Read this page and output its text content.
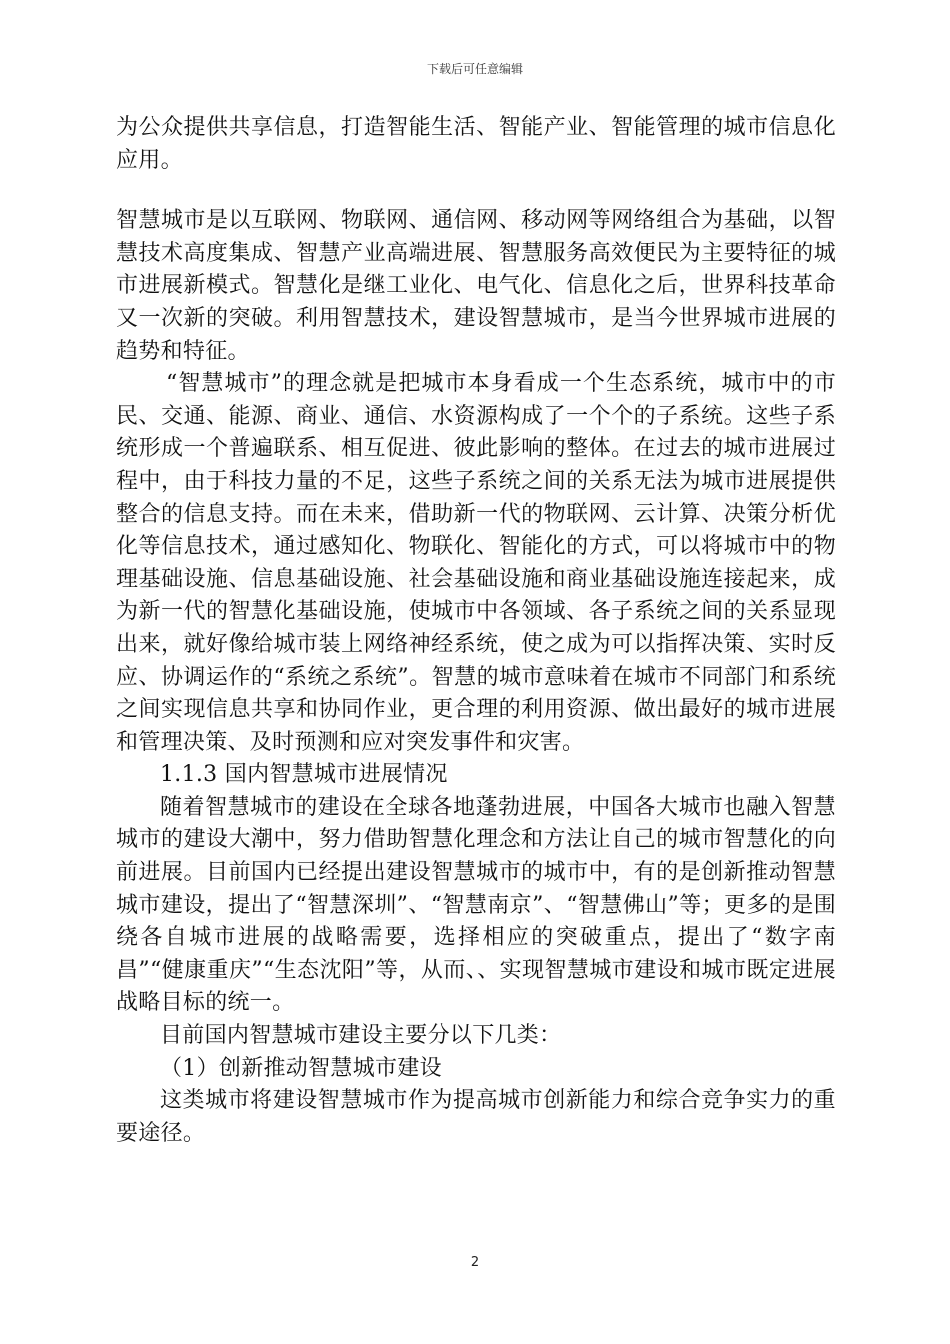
下载后可任意编辑

为公众提供共享信息，打造智能生活、智能产业、智能管理的城市信息化应用。

智慧城市是以互联网、物联网、通信网、移动网等网络组合为基础，以智慧技术高度集成、智慧产业高端进展、智慧服务高效便民为主要特征的城市进展新模式。智慧化是继工业化、电气化、信息化之后，世界科技革命又一次新的突破。利用智慧技术，建设智慧城市，是当今世界城市进展的趋势和特征。

“智慧城市”的理念就是把城市本身看成一个生态系统，城市中的市民、交通、能源、商业、通信、水资源构成了一个个的子系统。这些子系统形成一个普遍联系、相互促进、彼此影响的整体。在过去的城市进展过程中，由于科技力量的不足，这些子系统之间的关系无法为城市进展提供整合的信息支持。而在未来，借助新一代的物联网、云计算、决策分析优化等信息技术，通过感知化、物联化、智能化的方式，可以将城市中的物理基础设施、信息基础设施、社会基础设施和商业基础设施连接起来，成为新一代的智慧化基础设施，使城市中各领域、各子系统之间的关系显现出来，就好像给城市装上网络神经系统，使之成为可以指挥决策、实时反应、协调运作的“系统之系统”。智慧的城市意味着在城市不同部门和系统之间实现信息共享和协同作业，更合理的利用资源、做出最好的城市进展和管理决策、及时预测和应对突发事件和灾害。

1.1.3 国内智慧城市进展情况

随着智慧城市的建设在全球各地蓬勃进展，中国各大城市也融入智慧城市的建设大潮中，努力借助智慧化理念和方法让自己的城市智慧化的向前进展。目前国内已经提出建设智慧城市的城市中，有的是创新推动智慧城市建设，提出了“智慧深圳”、“智慧南京”、“智慧佛山”等；更多的是围绕各自城市进展的战略需要，选择相应的突破重点，提出了“数字南昌”“健康重庆”“生态沈阳”等，从而、、实现智慧城市建设和城市既定进展战略目标的统一。

目前国内智慧城市建设主要分以下几类：

（1）创新推动智慧城市建设

这类城市将建设智慧城市作为提高城市创新能力和综合竞争实力的重要途径。

2
